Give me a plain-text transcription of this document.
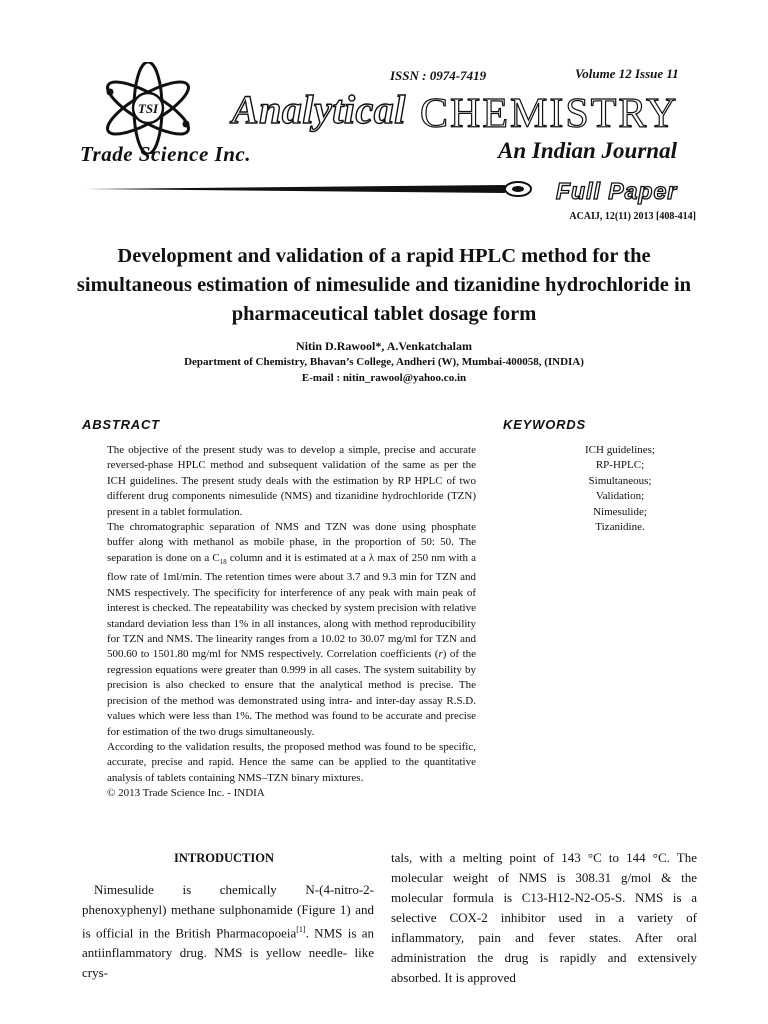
TSI
Trade Science Inc.
ISSN : 0974-7419	Volume 12 Issue 11
Analytical CHEMISTRY
An Indian Journal
Full Paper
ACAIJ, 12(11) 2013 [408-414]
Development and validation of a rapid HPLC method for the simultaneous estimation of nimesulide and tizanidine hydrochloride in pharmaceutical tablet dosage form
Nitin D.Rawool*, A.Venkatchalam
Department of Chemistry, Bhavan’s College, Andheri (W), Mumbai-400058, (INDIA)
E-mail : nitin_rawool@yahoo.co.in
ABSTRACT	KEYWORDS

The objective of the present study was to develop a simple, precise and accurate reversed-phase HPLC method and subsequent validation of the same as per the ICH guidelines. The present study deals with the estimation by RP HPLC of two different drug components nimesulide (NMS) and tizanidine hydrochloride (TZN) present in a tablet formulation.

The chromatographic separation of NMS and TZN was done using phosphate buffer along with methanol as mobile phase, in the proportion of 50: 50. The separation is done on a $C_{18}$ column and it is estimated at a λ max of 250 nm with a flow rate of 1ml/min. The retention times were about 3.7 and 9.3 min for TZN and NMS respectively. The specificity for interference of any peak with main peak of interest is checked. The repeatability was checked by system precision with relative standard deviation less than 1% in all instances, along with method reproducibility for TZN and NMS. The linearity ranges from a 10.02 to 30.07 mg/ml for TZN and 500.60 to 1501.80 mg/ml for NMS respectively. Correlation coefficients (r) of the regression equations were greater than 0.999 in all cases. The system suitability by precision is also checked to ensure that the analytical method is precise. The precision of the method was demonstrated using intra- and inter-day assay R.S.D. values which were less than 1%. The method was found to be accurate and precise for estimation of the two drugs simultaneously.

According to the validation results, the proposed method was found to be specific, accurate, precise and rapid. Hence the same can be applied to the quantitative analysis of tablets containing NMS–TZN binary mixtures.

© 2013 Trade Science Inc. - INDIA

ICH guidelines;
RP-HPLC;
Simultaneous;
Validation;
Nimesulide;
Tizanidine.
INTRODUCTION

Nimesulide is chemically N-(4-nitro-2-phenoxyphenyl) methane sulphonamide (Figure 1) and is official in the British Pharmacopoeia[1]. NMS is an antiinflammatory drug. NMS is yellow needle- like crys-

tals, with a melting point of 143 °C to 144 °C. The molecular weight of NMS is 308.31 g/mol & the molecular formula is C13-H12-N2-O5-S. NMS is a selective COX-2 inhibitor used in a variety of inflammatory, pain and fever states. After oral administration the drug is rapidly and extensively absorbed. It is approved
